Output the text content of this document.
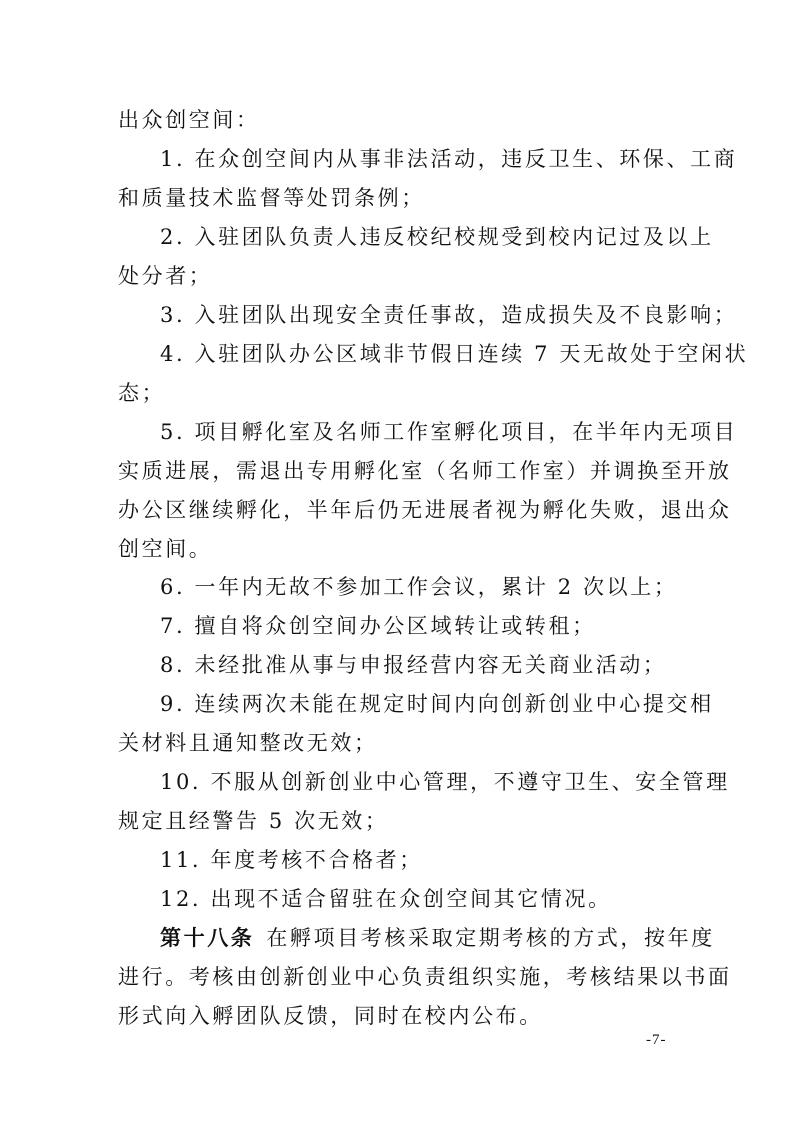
出众创空间：
1. 在众创空间内从事非法活动，违反卫生、环保、工商
和质量技术监督等处罚条例；
2. 入驻团队负责人违反校纪校规受到校内记过及以上
处分者；
3. 入驻团队出现安全责任事故，造成损失及不良影响；
4. 入驻团队办公区域非节假日连续 7 天无故处于空闲状
态；
5. 项目孵化室及名师工作室孵化项目，在半年内无项目
实质进展，需退出专用孵化室（名师工作室）并调换至开放
办公区继续孵化，半年后仍无进展者视为孵化失败，退出众
创空间。
6. 一年内无故不参加工作会议，累计 2 次以上；
7. 擅自将众创空间办公区域转让或转租；
8. 未经批准从事与申报经营内容无关商业活动；
9. 连续两次未能在规定时间内向创新创业中心提交相
关材料且通知整改无效；
10. 不服从创新创业中心管理，不遵守卫生、安全管理
规定且经警告 5 次无效；
11. 年度考核不合格者；
12. 出现不适合留驻在众创空间其它情况。
第十八条 在孵项目考核采取定期考核的方式，按年度
进行。考核由创新创业中心负责组织实施，考核结果以书面
形式向入孵团队反馈，同时在校内公布。
-7-
